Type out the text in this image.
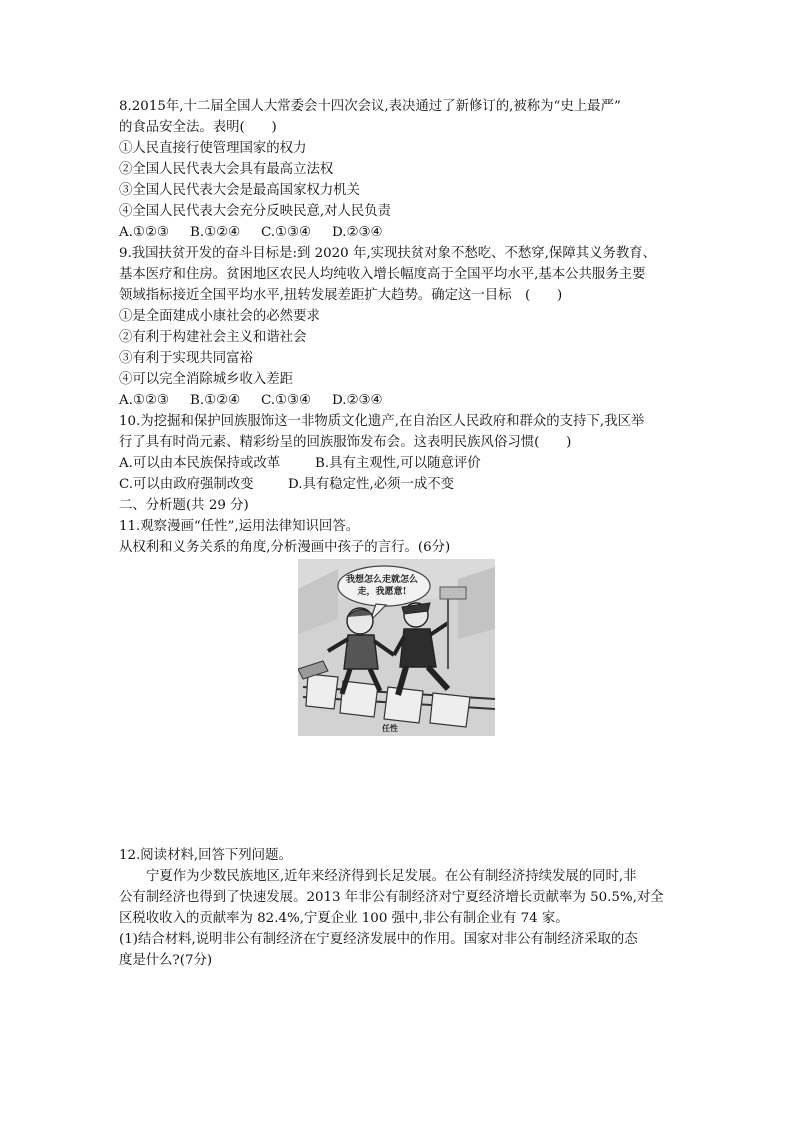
8.2015年,十二届全国人大常委会十四次会议,表决通过了新修订的,被称为“史上最严”
的食品安全法。表明(　　)
①人民直接行使管理国家的权力
②全国人民代表大会具有最高立法权
③全国人民代表大会是最高国家权力机关
④全国人民代表大会充分反映民意,对人民负责
A.①②③ B.①②④ C.①③④ D.②③④
9.我国扶贫开发的奋斗目标是:到 2020 年,实现扶贫对象不愁吃、不愁穿,保障其义务教育、
基本医疗和住房。贫困地区农民人均纯收入增长幅度高于全国平均水平,基本公共服务主要
领域指标接近全国平均水平,扭转发展差距扩大趋势。确定这一目标　(　　)
①是全面建成小康社会的必然要求
②有利于构建社会主义和谐社会
③有利于实现共同富裕
④可以完全消除城乡收入差距
A.①②③ B.①②④ C.①③④ D.②③④
10.为挖掘和保护回族服饰这一非物质文化遗产,在自治区人民政府和群众的支持下,我区举
行了具有时尚元素、精彩纷呈的回族服饰发布会。这表明民族风俗习惯(　　)
A.可以由本民族保持或改革	B.具有主观性,可以随意评价
C.可以由政府强制改变	D.具有稳定性,必须一成不变
二、分析题(共 29 分)
11.观察漫画“任性”,运用法律知识回答。
从权利和义务关系的角度,分析漫画中孩子的言行。(6分)
我想怎么走就怎么
走，我愿意!
任性
12.阅读材料,回答下列问题。
宁夏作为少数民族地区,近年来经济得到长足发展。在公有制经济持续发展的同时,非
公有制经济也得到了快速发展。2013 年非公有制经济对宁夏经济增长贡献率为 50.5%,对全
区税收收入的贡献率为 82.4%,宁夏企业 100 强中,非公有制企业有 74 家。
(1)结合材料,说明非公有制经济在宁夏经济发展中的作用。国家对非公有制经济采取的态
度是什么?(7分)
